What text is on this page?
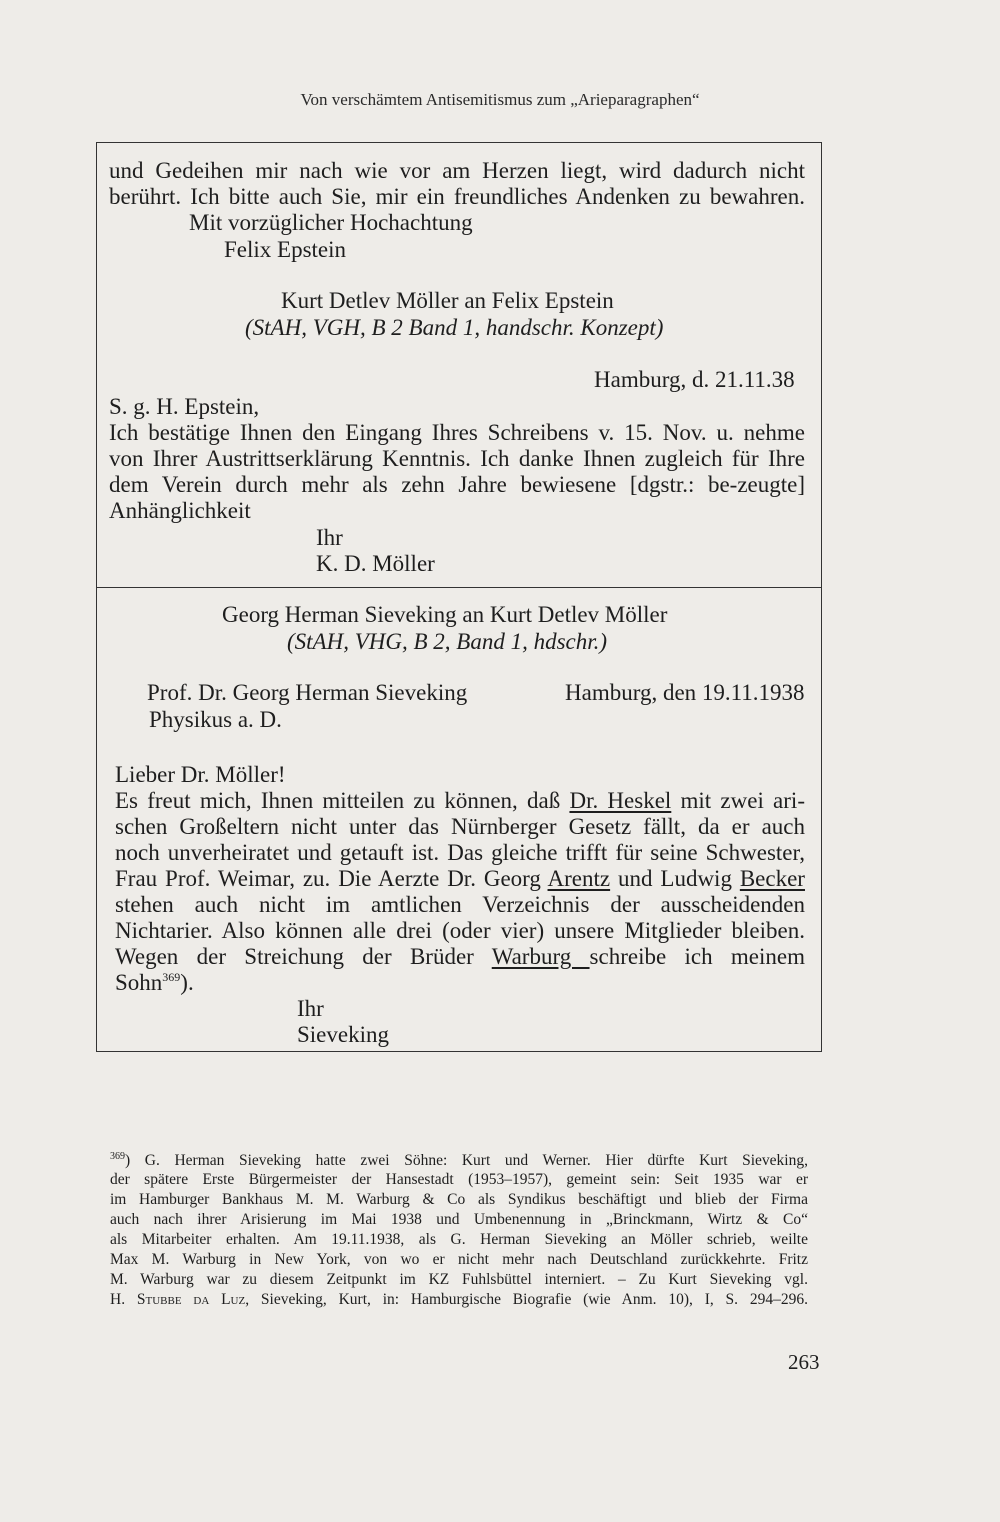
Von verschämtem Antisemitismus zum „Arieparagraphen“
und Gedeihen mir nach wie vor am Herzen liegt, wird dadurch nicht
berührt. Ich bitte auch Sie, mir ein freundliches Andenken zu bewahren.
Mit vorzüglicher Hochachtung
Felix Epstein
Kurt Detlev Möller an Felix Epstein
(StAH, VGH, B 2 Band 1, handschr. Konzept)
Hamburg, d. 21.11.38
S. g. H. Epstein,
Ich bestätige Ihnen den Eingang Ihres Schreibens v. 15. Nov. u. nehme
von Ihrer Austrittserklärung Kenntnis. Ich danke Ihnen zugleich für Ihre
dem Verein durch mehr als zehn Jahre bewiesene [dgstr.: be-zeugte]
Anhänglichkeit
Ihr
K. D. Möller
Georg Herman Sieveking an Kurt Detlev Möller
(StAH, VHG, B 2, Band 1, hdschr.)
Prof. Dr. Georg Herman Sieveking	Hamburg, den 19.11.1938
Physikus a. D.
Lieber Dr. Möller!
Es freut mich, Ihnen mitteilen zu können, daß Dr. Heskel mit zwei ari-
schen Großeltern nicht unter das Nürnberger Gesetz fällt, da er auch
noch unverheiratet und getauft ist. Das gleiche trifft für seine Schwester,
Frau Prof. Weimar, zu. Die Aerzte Dr. Georg Arentz und Ludwig Becker
stehen auch nicht im amtlichen Verzeichnis der ausscheidenden
Nichtarier. Also können alle drei (oder vier) unsere Mitglieder bleiben.
Wegen der Streichung der Brüder Warburg schreibe ich meinem
Sohn$^{369}$).
Ihr
Sieveking
$^{369}$) G. Herman Sieveking hatte zwei Söhne: Kurt und Werner. Hier dürfte Kurt Sieveking,
der spätere Erste Bürgermeister der Hansestadt (1953–1957), gemeint sein: Seit 1935 war er
im Hamburger Bankhaus M. M. Warburg & Co als Syndikus beschäftigt und blieb der Firma
auch nach ihrer Arisierung im Mai 1938 und Umbenennung in „Brinckmann, Wirtz & Co“
als Mitarbeiter erhalten. Am 19.11.1938, als G. Herman Sieveking an Möller schrieb, weilte
Max M. Warburg in New York, von wo er nicht mehr nach Deutschland zurückkehrte. Fritz
M. Warburg war zu diesem Zeitpunkt im KZ Fuhlsbüttel interniert. – Zu Kurt Sieveking vgl.
H. Stubbe da Luz, Sieveking, Kurt, in: Hamburgische Biografie (wie Anm. 10), I, S. 294–296.
263
